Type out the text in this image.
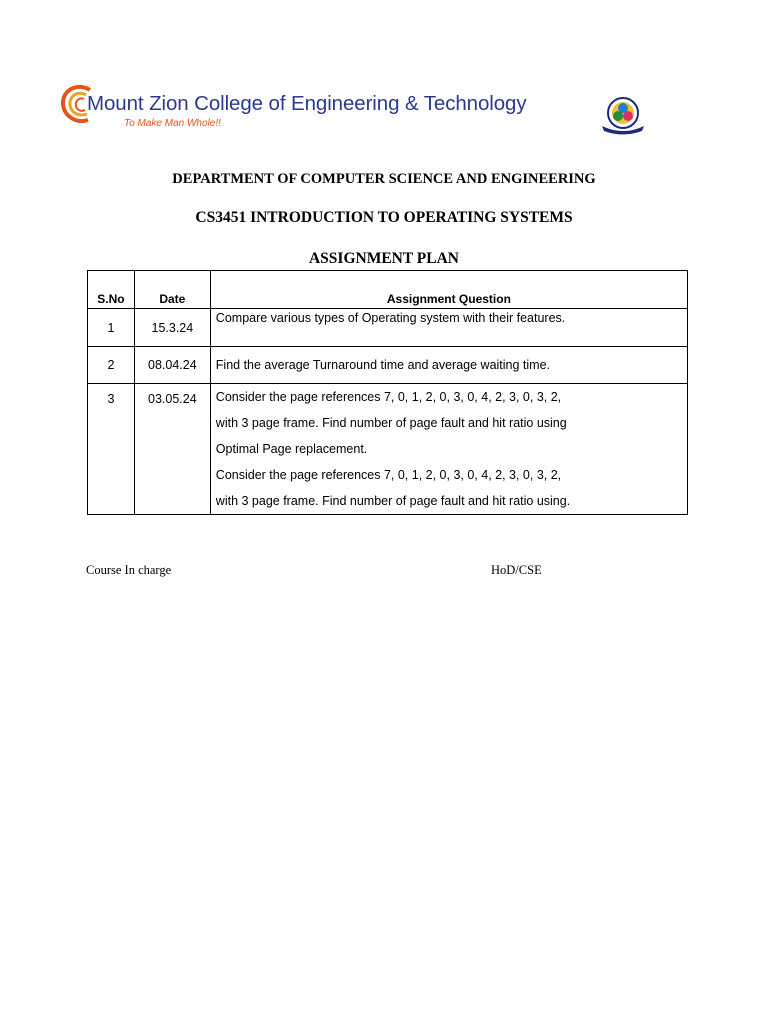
Mount Zion College of Engineering & Technology
To Make Man Whole!!
DEPARTMENT OF COMPUTER SCIENCE AND ENGINEERING
CS3451 INTRODUCTION TO OPERATING SYSTEMS
ASSIGNMENT PLAN
S.No	Date	Assignment Question
1	15.3.24	Compare various types of Operating system with their features.

2	08.04.24	Find the average Turnaround time and average waiting time.

3	03.05.24	Consider the page references 7, 0, 1, 2, 0, 3, 0, 4, 2, 3, 0, 3, 2,
with 3 page frame. Find number of page fault and hit ratio using
Optimal Page replacement.
Consider the page references 7, 0, 1, 2, 0, 3, 0, 4, 2, 3, 0, 3, 2,
with 3 page frame. Find number of page fault and hit ratio using.
Course In charge	HoD/CSE
